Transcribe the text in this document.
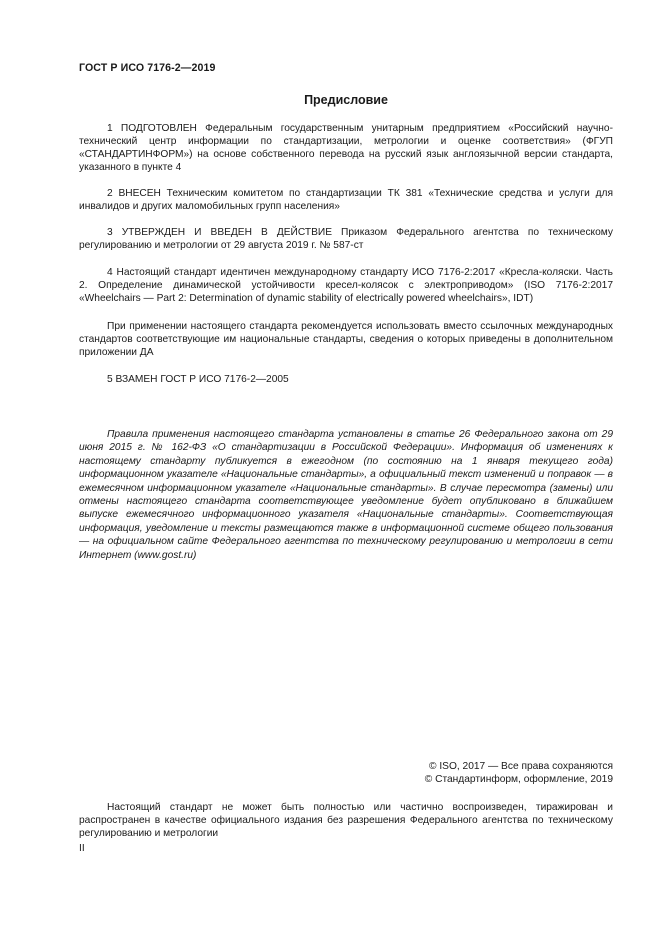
ГОСТ Р ИСО 7176-2—2019
Предисловие

1 ПОДГОТОВЛЕН Федеральным государственным унитарным предприятием «Российский научно-технический центр информации по стандартизации, метрологии и оценке соответствия» (ФГУП «СТАНДАРТИНФОРМ») на основе собственного перевода на русский язык англоязычной версии стандарта, указанного в пункте 4

2 ВНЕСЕН Техническим комитетом по стандартизации ТК 381 «Технические средства и услуги для инвалидов и других маломобильных групп населения»

3 УТВЕРЖДЕН И ВВЕДЕН В ДЕЙСТВИЕ Приказом Федерального агентства по техническому регулированию и метрологии от 29 августа 2019 г. № 587-ст

4 Настоящий стандарт идентичен международному стандарту ИСО 7176-2:2017 «Кресла-коляски. Часть 2. Определение динамической устойчивости кресел-колясок с электроприводом» (ISO 7176-2:2017 «Wheelchairs — Part 2: Determination of dynamic stability of electrically powered wheelchairs», IDT)

При применении настоящего стандарта рекомендуется использовать вместо ссылочных международных стандартов соответствующие им национальные стандарты, сведения о которых приведены в дополнительном приложении ДА

5 ВЗАМЕН ГОСТ Р ИСО 7176-2—2005

Правила применения настоящего стандарта установлены в статье 26 Федерального закона от 29 июня 2015 г. № 162-ФЗ «О стандартизации в Российской Федерации». Информация об изменениях к настоящему стандарту публикуется в ежегодном (по состоянию на 1 января текущего года) информационном указателе «Национальные стандарты», а официальный текст изменений и поправок — в ежемесячном информационном указателе «Национальные стандарты». В случае пересмотра (замены) или отмены настоящего стандарта соответствующее уведомление будет опубликовано в ближайшем выпуске ежемесячного информационного указателя «Национальные стандарты». Соответствующая информация, уведомление и тексты размещаются также в информационной системе общего пользования — на официальном сайте Федерального агентства по техническому регулированию и метрологии в сети Интернет (www.gost.ru)

© ISO, 2017 — Все права сохраняются
© Стандартинформ, оформление, 2019

Настоящий стандарт не может быть полностью или частично воспроизведен, тиражирован и распространен в качестве официального издания без разрешения Федерального агентства по техническому регулированию и метрологии

II
